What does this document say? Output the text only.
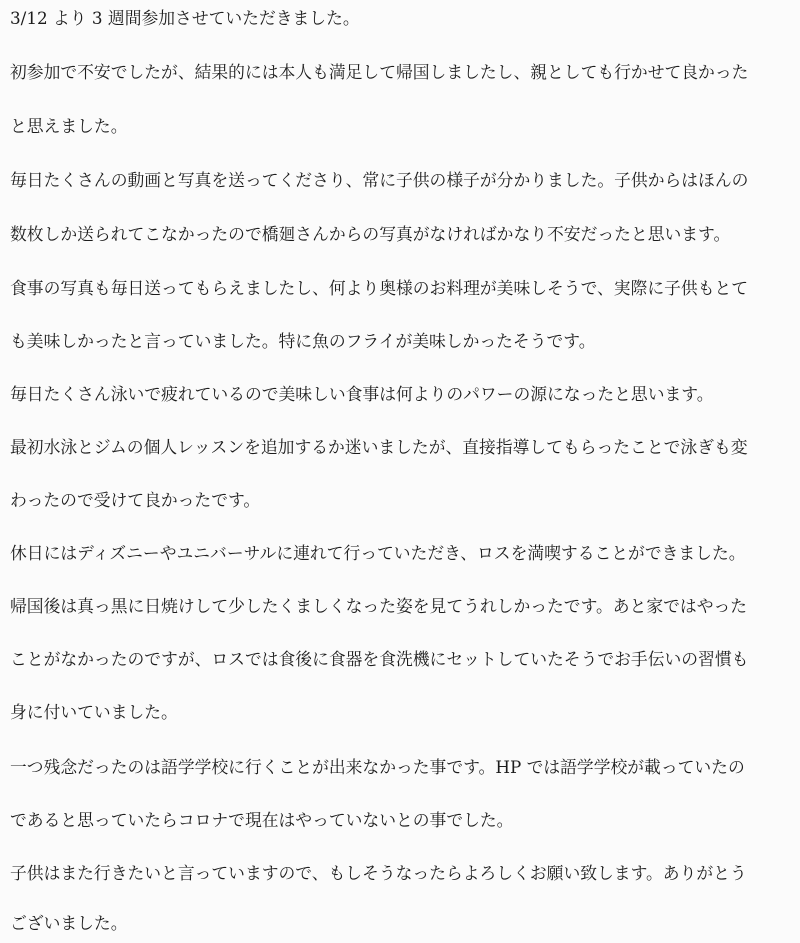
3/12 より 3 週間参加させていただきました。
初参加で不安でしたが、結果的には本人も満足して帰国しましたし、親としても行かせて良かった
と思えました。
毎日たくさんの動画と写真を送ってくださり、常に子供の様子が分かりました。子供からはほんの
数枚しか送られてこなかったので橋廻さんからの写真がなければかなり不安だったと思います。
食事の写真も毎日送ってもらえましたし、何より奥様のお料理が美味しそうで、実際に子供もとて
も美味しかったと言っていました。特に魚のフライが美味しかったそうです。
毎日たくさん泳いで疲れているので美味しい食事は何よりのパワーの源になったと思います。
最初水泳とジムの個人レッスンを追加するか迷いましたが、直接指導してもらったことで泳ぎも変
わったので受けて良かったです。
休日にはディズニーやユニバーサルに連れて行っていただき、ロスを満喫することができました。
帰国後は真っ黒に日焼けして少したくましくなった姿を見てうれしかったです。あと家ではやった
ことがなかったのですが、ロスでは食後に食器を食洗機にセットしていたそうでお手伝いの習慣も
身に付いていました。
一つ残念だったのは語学学校に行くことが出来なかった事です。HP では語学学校が載っていたの
であると思っていたらコロナで現在はやっていないとの事でした。
子供はまた行きたいと言っていますので、もしそうなったらよろしくお願い致します。ありがとう
ございました。
